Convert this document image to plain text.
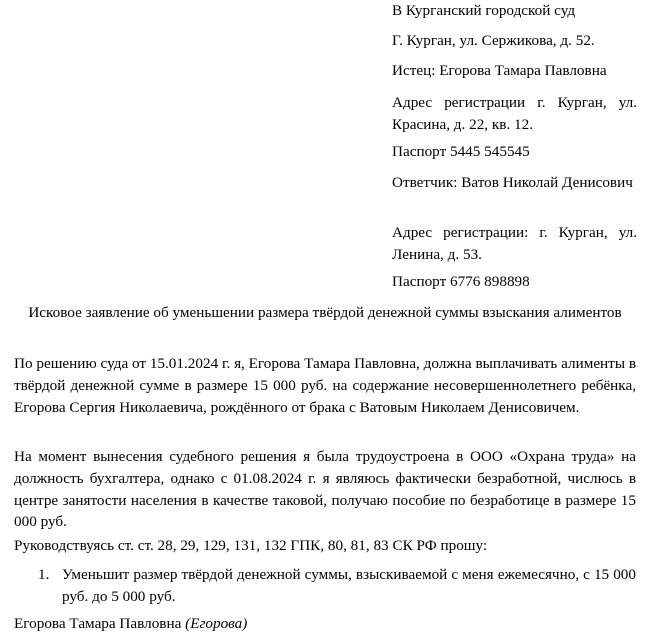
В Курганский городской суд

Г. Курган, ул. Сержикова, д. 52.

Истец: Егорова Тамара Павловна

Адрес регистрации г. Курган, ул. Красина, д. 22, кв. 12.

Паспорт 5445 545545

Ответчик: Ватов Николай Денисович

Адрес регистрации: г. Курган, ул. Ленина, д. 53.

Паспорт 6776 898898

Исковое заявление об уменьшении размера твёрдой денежной суммы взыскания алиментов

По решению суда от 15.01.2024 г. я, Егорова Тамара Павловна, должна выплачивать алименты в твёрдой денежной сумме в размере 15 000 руб. на содержание несовершеннолетнего ребёнка, Егорова Сергия Николаевича, рождённого от брака с Ватовым Николаем Денисовичем.

На момент вынесения судебного решения я была трудоустроена в ООО «Охрана труда» на должность бухгалтера, однако с 01.08.2024 г. я являюсь фактически безработной, числюсь в центре занятости населения в качестве таковой, получаю пособие по безработице в размере 15 000 руб.

Руководствуясь ст. ст. 28, 29, 129, 131, 132 ГПК, 80, 81, 83 СК РФ прошу:

1. Уменьшит размер твёрдой денежной суммы, взыскиваемой с меня ежемесячно, с 15 000 руб. до 5 000 руб.

Егорова Тамара Павловна (Егорова)
